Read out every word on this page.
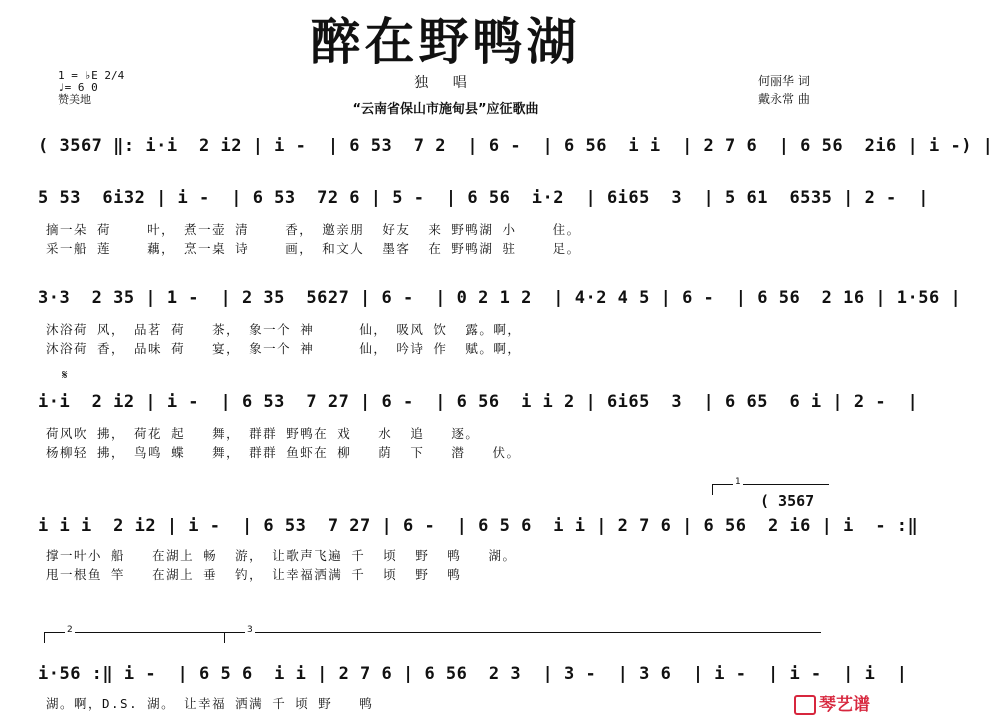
醉在野鸭湖
1 = ♭E 2/4
♩= 6 0
赞美地
独 唱
“云南省保山市施甸县”应征歌曲
何丽华 词
戴永常 曲
( 3567 ‖: i·i  2 i2 | i -  | 6 53  7 2  | 6 -  | 6 56  i i  | 2 7 6  | 6 56  2i6 | i -) |
5 53  6i32 | i -  | 6 53  72 6 | 5 -  | 6 56  i·2  | 6i65  3  | 5 61  6535 | 2 -  |
摘一朵 荷    叶， 煮一壶 清    香， 邀亲朋  好友  来 野鸭湖 小    住。
采一船 莲    藕， 烹一桌 诗    画， 和文人  墨客  在 野鸭湖 驻    足。
3·3  2 35 | 1 -  | 2 35  5627 | 6 -  | 0 2 1 2  | 4·2 4 5 | 6 -  | 6 56  2 16 | 1·56 |
沐浴荷 风， 品茗 荷   茶， 象一个 神     仙， 吸风 饮  露。啊，
沐浴荷 香， 品味 荷   宴， 象一个 神     仙， 吟诗 作  赋。啊，
𝄋
i·i  2 i2 | i -  | 6 53  7 27 | 6 -  | 6 56  i i 2 | 6i65  3  | 6 65  6 i | 2 -  |
荷风吹 拂， 荷花 起   舞， 群群 野鸭在 戏   水  追   逐。
杨柳轻 拂， 鸟鸣 蝶   舞， 群群 鱼虾在 柳   荫  下   潜   伏。
1
( 3567
i i i  2 i2 | i -  | 6 53  7 27 | 6 -  | 6 5 6  i i | 2 7 6 | 6 56  2 i6 | i  - :‖
撑一叶小 船   在湖上 畅  游， 让歌声飞遍 千  顷  野  鸭   湖。
甩一根鱼 竿   在湖上 垂  钓， 让幸福洒满 千  顷  野  鸭
2	3
i·56 :‖ i -  | 6 5 6  i i | 2 7 6 | 6 56  2 3  | 3 -  | 3 6  | i -  | i -  | i  |
湖。啊，D.S. 湖。 让幸福 洒满 千 顷 野   鸭	琴艺谱
